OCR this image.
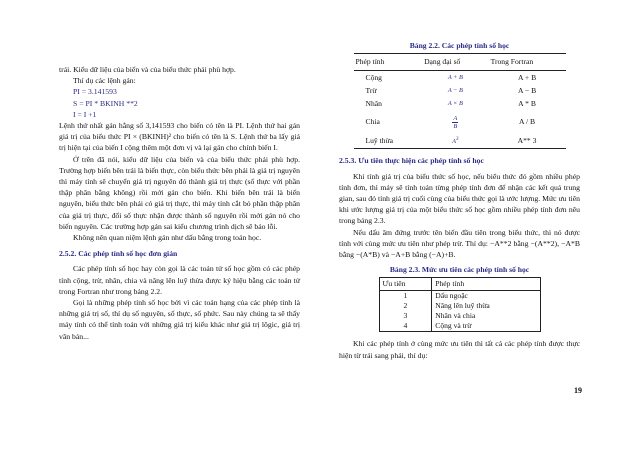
trái. Kiểu dữ liệu của biến và của biểu thức phải phù hợp.

Thí dụ các lệnh gán:

PI = 3.141593

S = PI * BKINH **2

I = I +1

Lệnh thứ nhất gán hằng số 3,141593 cho biến có tên là PI. Lệnh thứ hai gán giá trị của biểu thức PI × (BKINH)² cho biến có tên là S. Lệnh thứ ba lấy giá trị hiện tại của biến I cộng thêm một đơn vị và lại gán cho chính biến I.

Ở trên đã nói, kiểu dữ liệu của biến và của biểu thức phải phù hợp. Trường hợp biến bên trái là biến thực, còn biểu thức bên phải là giá trị nguyên thì máy tính sẽ chuyển giá trị nguyên đó thành giá trị thực (số thực với phần thập phân bằng không) rồi mới gán cho biến. Khi biến bên trái là biến nguyên, biểu thức bên phải có giá trị thực, thì máy tính cắt bỏ phần thập phân của giá trị thực, đổi số thực nhận được thành số nguyên rồi mới gán nó cho biến nguyên. Các trường hợp gán sai kiểu chương trình dịch sẽ báo lỗi.

Không nên quan niệm lệnh gán như dấu bằng trong toán học.

2.5.2. Các phép tính số học đơn giản

Các phép tính số học hay còn gọi là các toán tử số học gồm có các phép tính cộng, trừ, nhân, chia và nâng lên luỹ thừa được ký hiệu bằng các toán tử trong Fortran như trong bảng 2.2.

Gọi là những phép tính số học bởi vì các toán hạng của các phép tính là những giá trị số, thí dụ số nguyên, số thực, số phức. Sau này chúng ta sẽ thấy máy tính có thể tính toán với những giá trị kiểu khác như giá trị lôgic, giá trị văn bản...

Bảng 2.2. Các phép tính số học

Phép tính	Dạng đại số	Trong Fortran
Cộng	A + B	A + B
Trừ	A − B	A − B
Nhân	A × B	A * B
Chia	$\frac{A}{B}$	A / B
Luỹ thừa	$A^3$	A** 3

2.5.3. Ưu tiên thực hiện các phép tính số học

Khi tính giá trị của biểu thức số học, nếu biểu thức đó gồm nhiều phép tính đơn, thì máy sẽ tính toán từng phép tính đơn để nhận các kết quả trung gian, sau đó tính giá trị cuối cùng của biểu thức gọi là ước lượng. Mức ưu tiên khi ước lượng giá trị của một biểu thức số học gồm nhiều phép tính đơn nêu trong bảng 2.3.

Nếu dấu âm đứng trước tên biến đầu tiên trong biểu thức, thì nó được tính với cùng mức ưu tiên như phép trừ. Thí dụ: −A**2 bằng −(A**2), −A*B bằng −(A*B) và −A+B bằng (−A)+B.

Bảng 2.3. Mức ưu tiên các phép tính số học

Ưu tiên	Phép tính
1	Dấu ngoặc
2	Nâng lên luỹ thừa
3	Nhân và chia
4	Cộng và trừ

Khi các phép tính ở cùng mức ưu tiên thì tất cả các phép tính được thực hiện từ trái sang phải, thí dụ:

19
